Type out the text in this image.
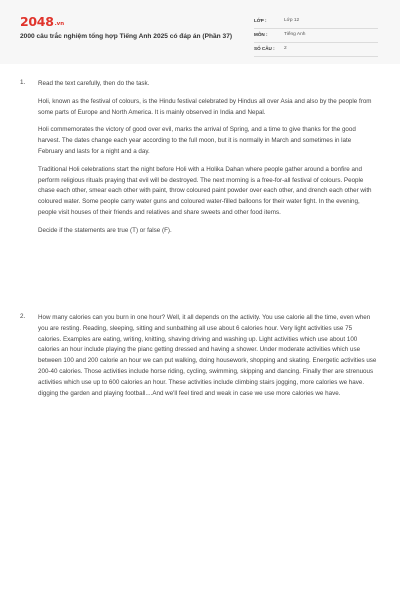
2048.vn
2000 câu trắc nghiệm tổng hợp Tiếng Anh 2025 có đáp án (Phần 37)
LỚP :	Lớp 12
MÔN :	Tiếng Anh
SỐ CÂU : 2
1. Read the text carefully, then do the task.

Holi, known as the festival of colours, is the Hindu festival celebrated by Hindus all over Asia and also by the people from some parts of Europe and North America. It is mainly observed in India and Nepal.

Holi commemorates the victory of good over evil, marks the arrival of Spring, and a time to give thanks for the good harvest. The dates change each year according to the full moon, but it is normally in March and sometimes in late February and lasts for a night and a day.

Traditional Holi celebrations start the night before Holi with a Holika Dahan where people gather around a bonfire and perform religious rituals praying that evil will be destroyed. The next morning is a free-for-all festival of colours. People chase each other, smear each other with paint, throw coloured paint powder over each other, and drench each other with coloured water. Some people carry water guns and coloured water-filled balloons for their water fight. In the evening, people visit houses of their friends and relatives and share sweets and other food items.

Decide if the statements are true (T) or false (F).

2. How many calories can you burn in one hour? Well, it all depends on the activity. You use calorie all the time, even when you are resting. Reading, sleeping, sitting and sunbathing all use about 6 calories hour. Very light activities use 75 calories. Examples are eating, writing, knitting, shaving driving and washing up. Light activities which use about 100 calories an hour include playing the pianc getting dressed and having a shower. Under moderate activities which use between 100 and 200 calorie an hour we can put walking, doing housework, shopping and skating. Energetic activities use 200-40 calories. Those activities include horse riding, cycling, swimming, skipping and dancing. Finally ther are strenuous activities which use up to 600 calories an hour. These activities include climbing stairs jogging, more calories we have. digging the garden and playing football....And we'll feel tired and weak in case we use more calories we have.
